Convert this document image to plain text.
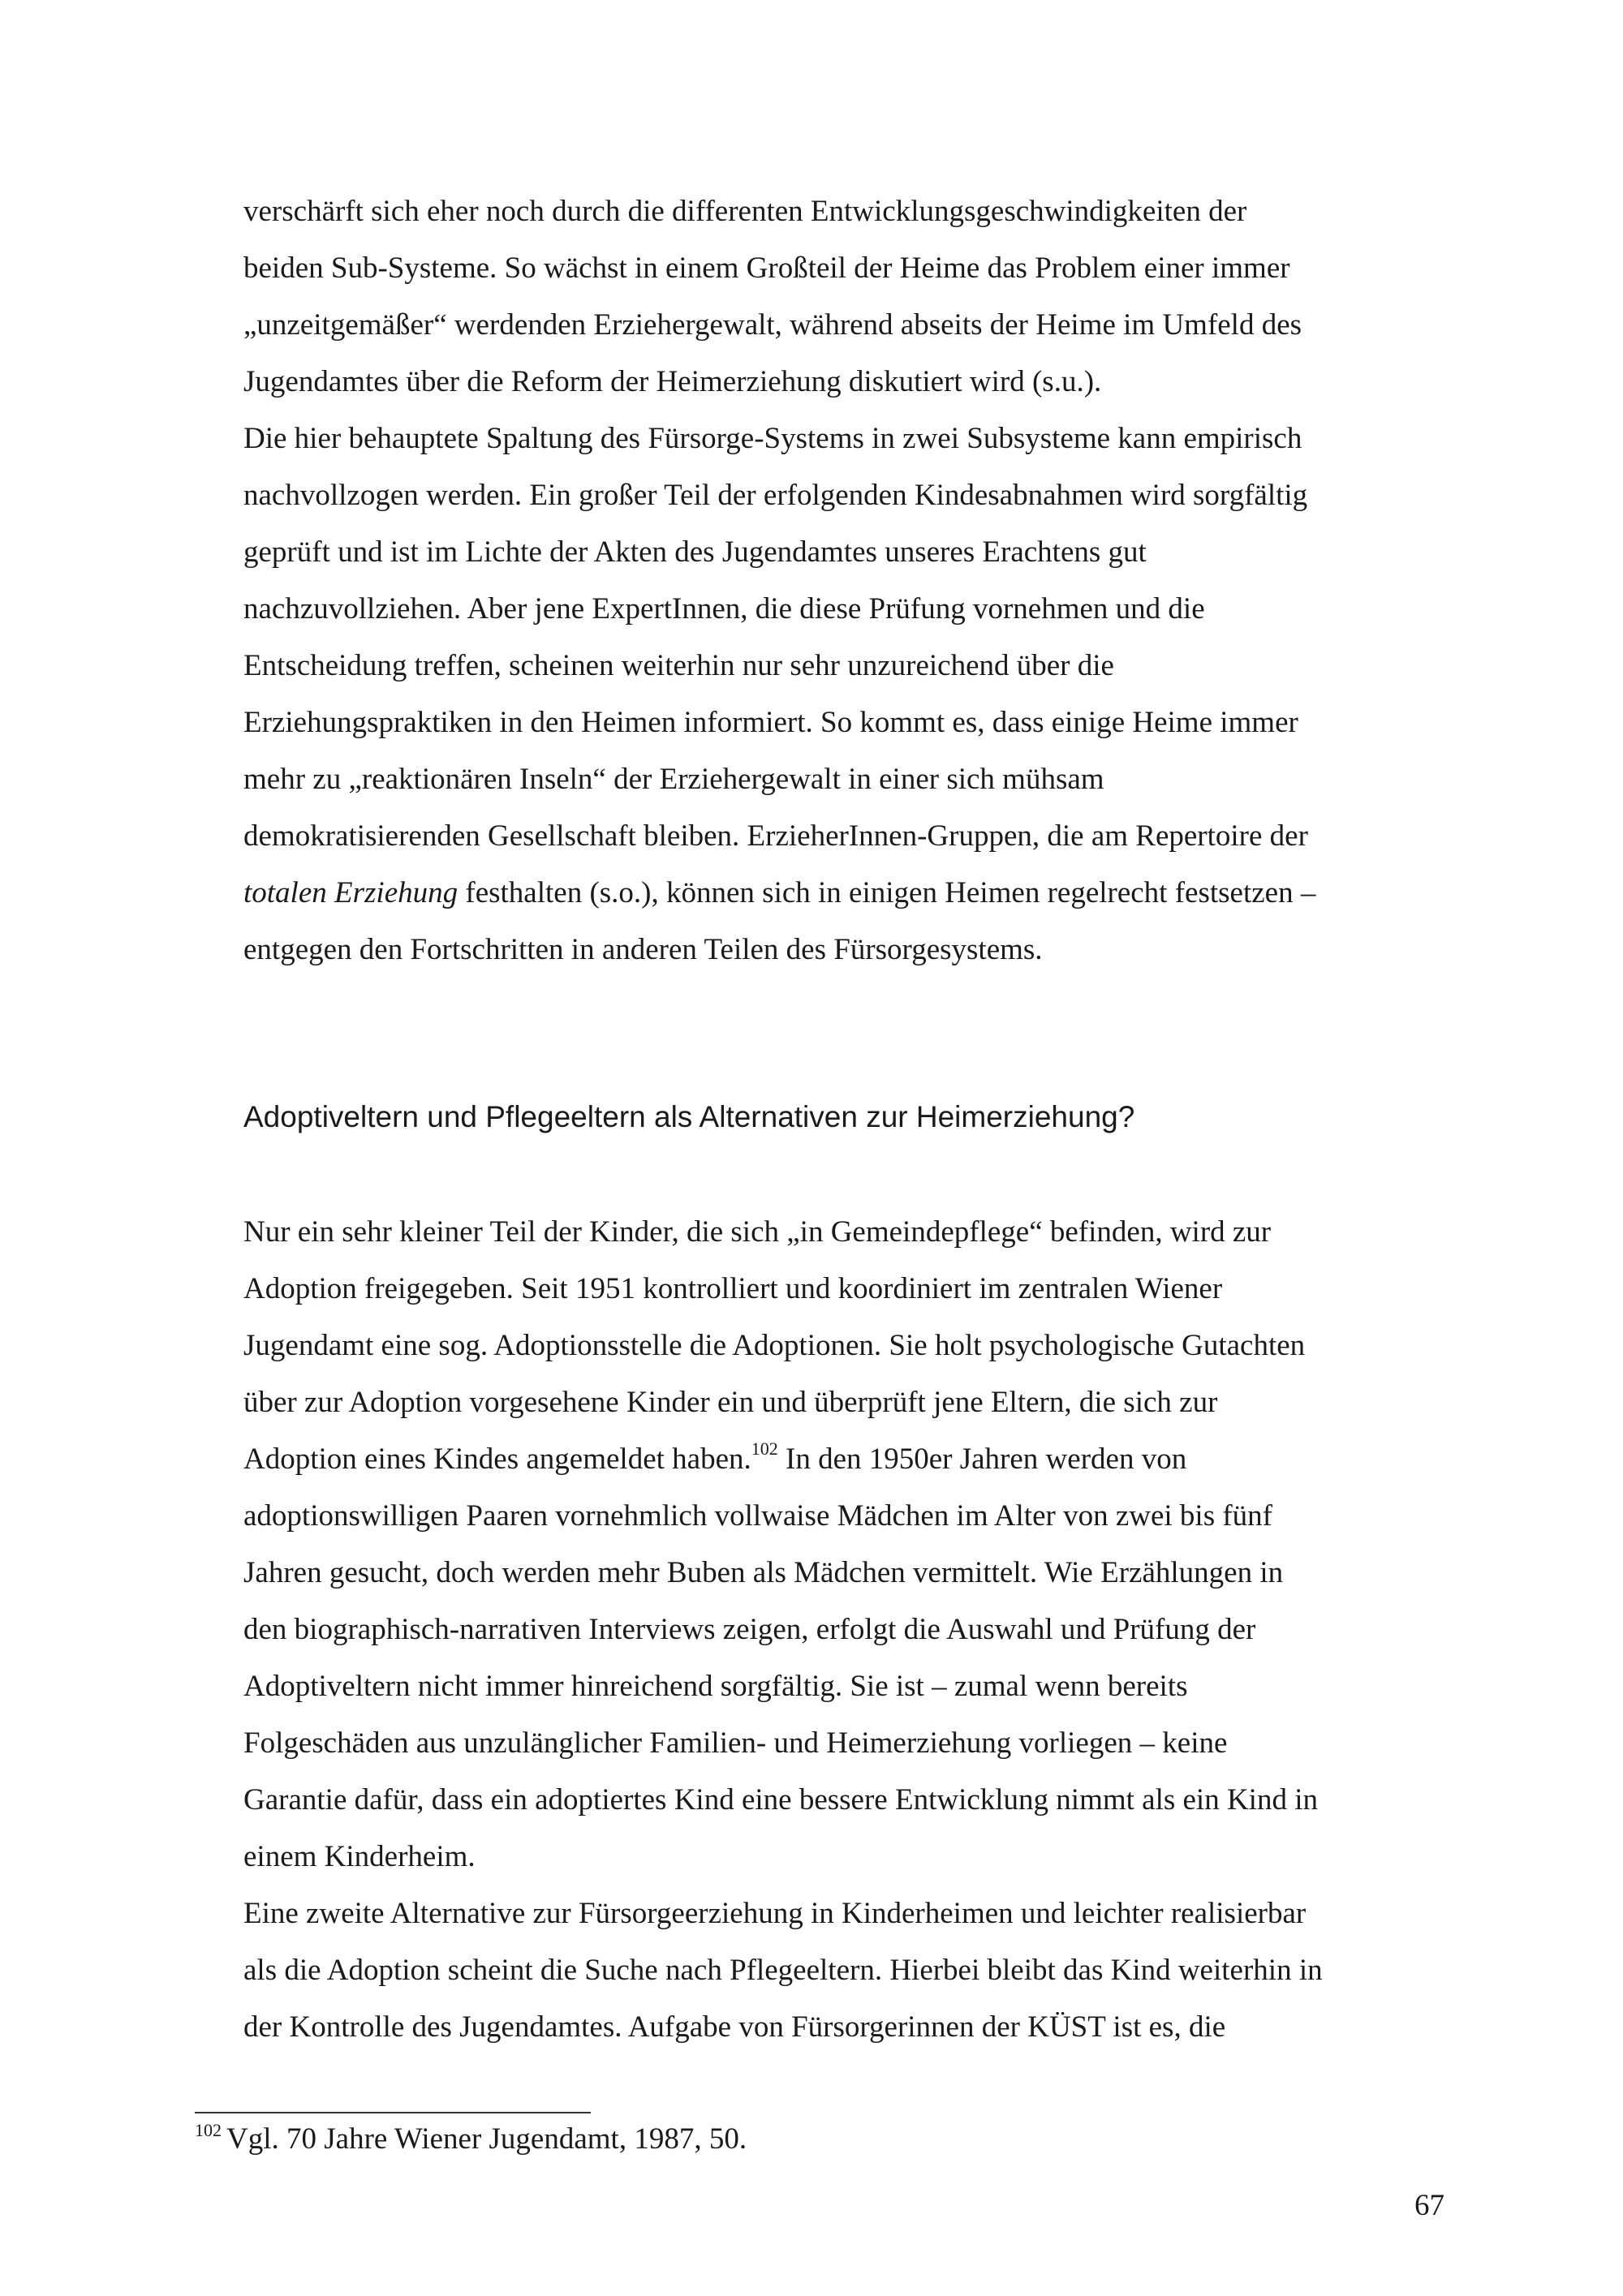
verschärft sich eher noch durch die differenten Entwicklungsgeschwindigkeiten der
beiden Sub-Systeme. So wächst in einem Großteil der Heime das Problem einer immer
„unzeitgemäßer“ werdenden Erziehergewalt, während abseits der Heime im Umfeld des
Jugendamtes über die Reform der Heimerziehung diskutiert wird (s.u.).
Die hier behauptete Spaltung des Fürsorge-Systems in zwei Subsysteme kann empirisch
nachvollzogen werden. Ein großer Teil der erfolgenden Kindesabnahmen wird sorgfältig
geprüft und ist im Lichte der Akten des Jugendamtes unseres Erachtens gut
nachzuvollziehen. Aber jene ExpertInnen, die diese Prüfung vornehmen und die
Entscheidung treffen, scheinen weiterhin nur sehr unzureichend über die
Erziehungspraktiken in den Heimen informiert. So kommt es, dass einige Heime immer
mehr zu „reaktionären Inseln“ der Erziehergewalt in einer sich mühsam
demokratisierenden Gesellschaft bleiben. ErzieherInnen-Gruppen, die am Repertoire der
totalen Erziehung festhalten (s.o.), können sich in einigen Heimen regelrecht festsetzen –
entgegen den Fortschritten in anderen Teilen des Fürsorgesystems.
Adoptiveltern und Pflegeeltern als Alternativen zur Heimerziehung?
Nur ein sehr kleiner Teil der Kinder, die sich „in Gemeindepflege“ befinden, wird zur
Adoption freigegeben. Seit 1951 kontrolliert und koordiniert im zentralen Wiener
Jugendamt eine sog. Adoptionsstelle die Adoptionen. Sie holt psychologische Gutachten
über zur Adoption vorgesehene Kinder ein und überprüft jene Eltern, die sich zur
Adoption eines Kindes angemeldet haben.$^{102}$ In den 1950er Jahren werden von
adoptionswilligen Paaren vornehmlich vollwaise Mädchen im Alter von zwei bis fünf
Jahren gesucht, doch werden mehr Buben als Mädchen vermittelt. Wie Erzählungen in
den biographisch-narrativen Interviews zeigen, erfolgt die Auswahl und Prüfung der
Adoptiveltern nicht immer hinreichend sorgfältig. Sie ist – zumal wenn bereits
Folgeschäden aus unzulänglicher Familien- und Heimerziehung vorliegen – keine
Garantie dafür, dass ein adoptiertes Kind eine bessere Entwicklung nimmt als ein Kind in
einem Kinderheim.
Eine zweite Alternative zur Fürsorgeerziehung in Kinderheimen und leichter realisierbar
als die Adoption scheint die Suche nach Pflegeeltern. Hierbei bleibt das Kind weiterhin in
der Kontrolle des Jugendamtes. Aufgabe von Fürsorgerinnen der KÜST ist es, die
$^{102}$ Vgl. 70 Jahre Wiener Jugendamt, 1987, 50.
67
